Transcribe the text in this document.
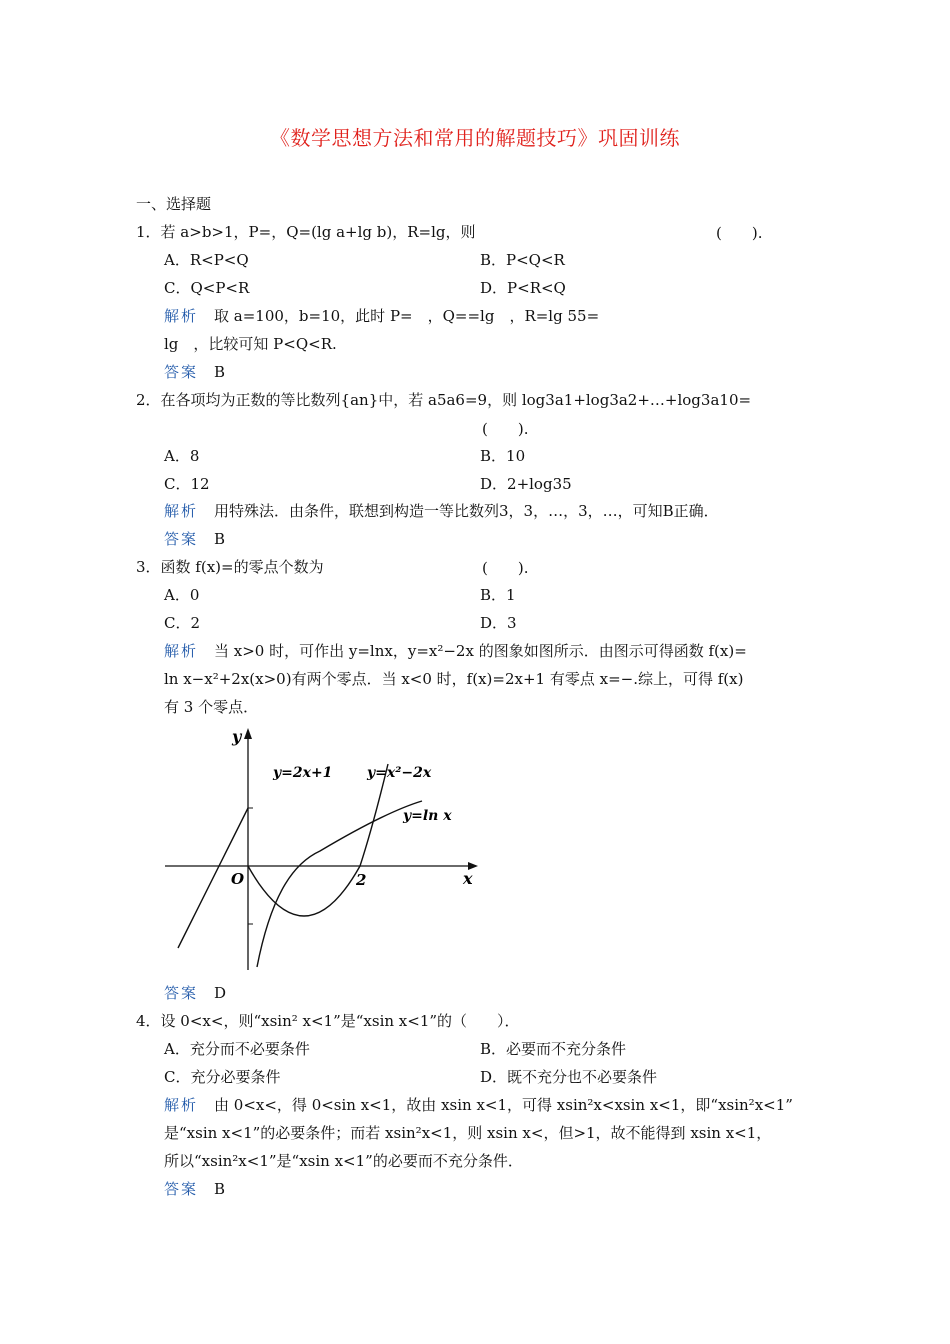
《数学思想方法和常用的解题技巧》巩固训练
一、选择题
1．若 a>b>1，P=，Q=(lg a+lg b)，R=lg，则	(　　).
A．R<P<Q	B．P<Q<R
C．Q<P<R	D．P<R<Q
解析 取 a=100，b=10，此时 P=　，Q==lg　，R=lg 55=
lg　，比较可知 P<Q<R.
答案 B
2．在各项均为正数的等比数列{an}中，若 a5a6=9，则 log3a1+log3a2+…+log3a10=
(　　).
A．8	B．10
C．12	D．2+log35
解析 用特殊法．由条件，联想到构造一等比数列3，3，…，3，…，可知B正确．
答案 B
3．函数 f(x)=的零点个数为	(　　).
A．0	B．1
C．2	D．3
解析 当 x>0 时，可作出 y=lnx，y=x²−2x 的图象如图所示．由图示可得函数 f(x)=
ln x−x²+2x(x>0)有两个零点．当 x<0 时，f(x)=2x+1 有零点 x=−.综上，可得 f(x)
有 3 个零点．
y
x
O	2
y=2x+1 y=x²−2x
y=ln x
答案 D
4．设 0<x<，则“xsin² x<1”是“xsin x<1”的（　　）．
A．充分而不必要条件	B．必要而不充分条件
C．充分必要条件	D．既不充分也不必要条件
解析 由 0<x<，得 0<sin x<1，故由 xsin x<1，可得 xsin²x<xsin x<1，即“xsin²x<1”
是“xsin x<1”的必要条件；而若 xsin²x<1，则 xsin x<，但>1，故不能得到 xsin x<1，
所以“xsin²x<1”是“xsin x<1”的必要而不充分条件．
答案 B
